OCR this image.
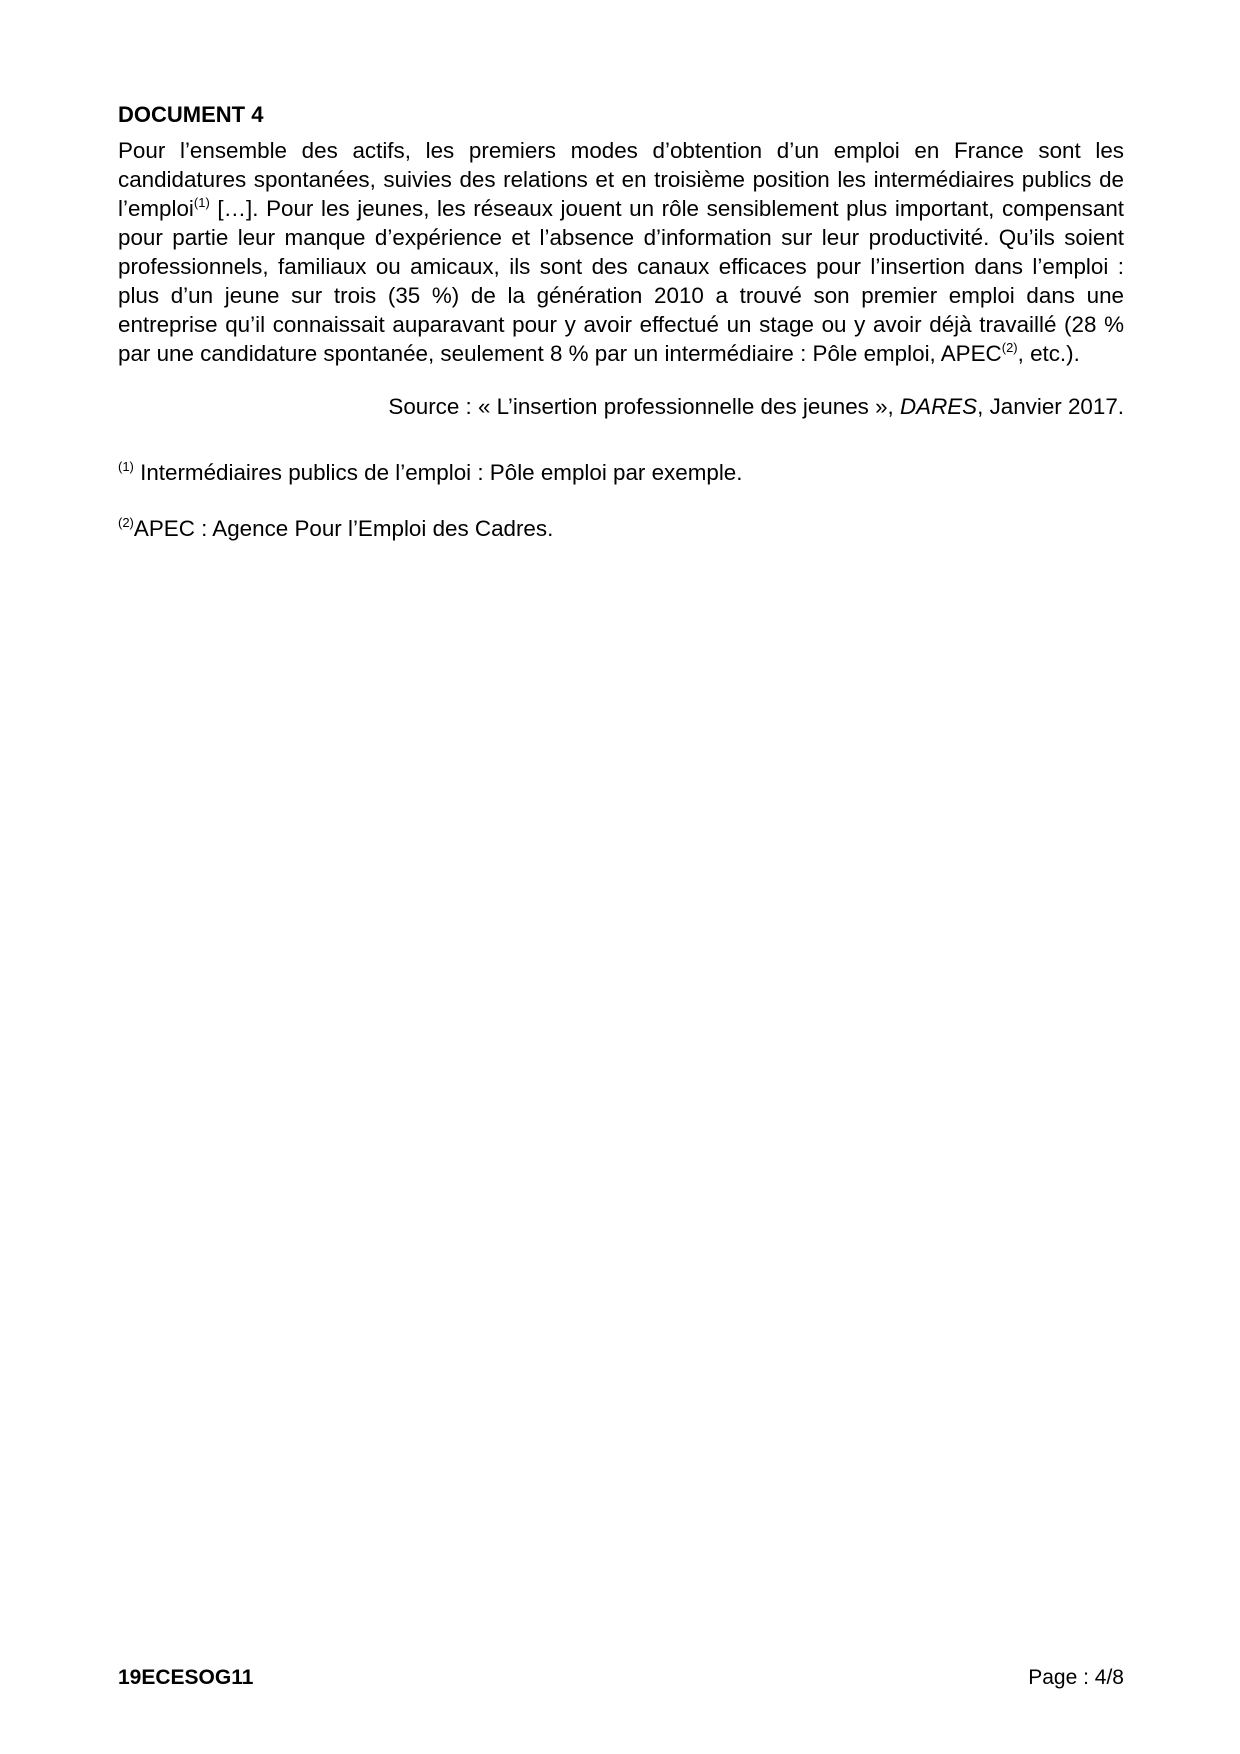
DOCUMENT 4

Pour l’ensemble des actifs, les premiers modes d’obtention d’un emploi en France sont les candidatures spontanées, suivies des relations et en troisième position les intermédiaires publics de l’emploi$^{(1)}$ […]. Pour les jeunes, les réseaux jouent un rôle sensiblement plus important, compensant pour partie leur manque d’expérience et l’absence d’information sur leur productivité. Qu’ils soient professionnels, familiaux ou amicaux, ils sont des canaux efficaces pour l’insertion dans l’emploi : plus d’un jeune sur trois (35 %) de la génération 2010 a trouvé son premier emploi dans une entreprise qu’il connaissait auparavant pour y avoir effectué un stage ou y avoir déjà travaillé (28 % par une candidature spontanée, seulement 8 % par un intermédiaire : Pôle emploi, APEC$^{(2)}$, etc.).

Source : « L’insertion professionnelle des jeunes », DARES, Janvier 2017.

$^{(1)}$ Intermédiaires publics de l’emploi : Pôle emploi par exemple.

$^{(2)}$APEC : Agence Pour l’Emploi des Cadres.

19ECESOG11	Page : 4/8
